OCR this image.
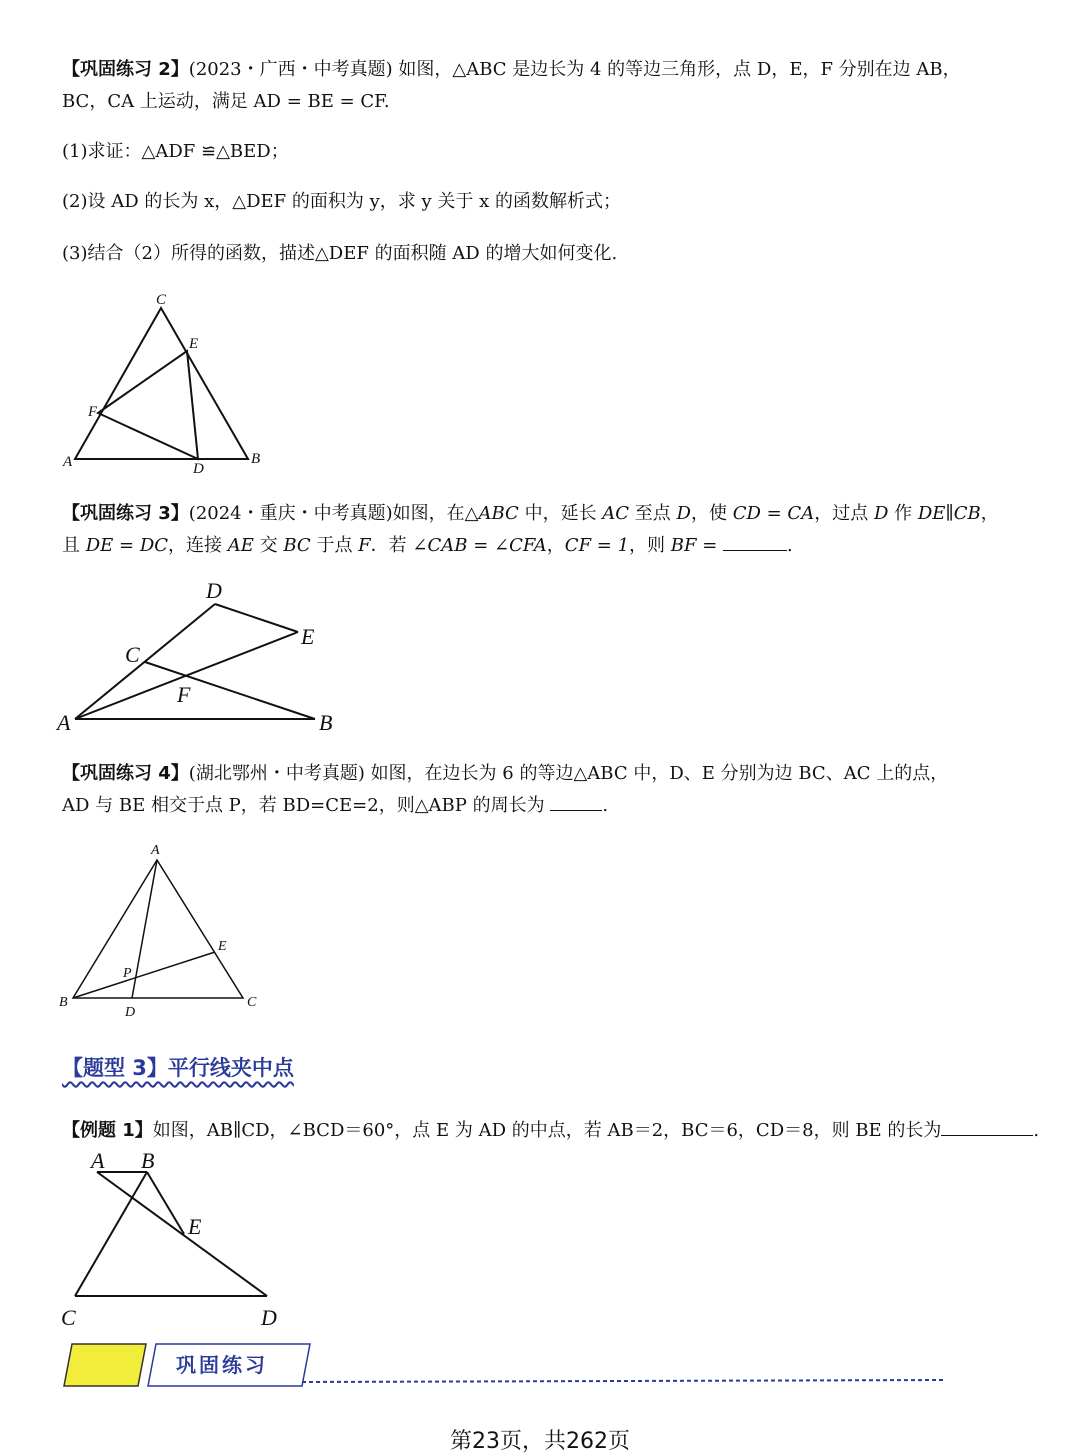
【巩固练习 2】(2023・广西・中考真题) 如图，△ABC 是边长为 4 的等边三角形，点 D，E，F 分别在边 AB，
BC，CA 上运动，满足 AD = BE = CF.
(1)求证：△ADF ≌△BED；
(2)设 AD 的长为 x，△DEF 的面积为 y，求 y 关于 x 的函数解析式；
(3)结合（2）所得的函数，描述△DEF 的面积随 AD 的增大如何变化.
A	B
C
D
E
F
【巩固练习 3】(2024・重庆・中考真题)如图，在△ABC 中，延长 AC 至点 D，使 CD = CA，过点 D 作 DE∥CB，
且 DE = DC，连接 AE 交 BC 于点 F．若 ∠CAB = ∠CFA，CF = 1，则 BF =	.
A	B
C
D
E
F
【巩固练习 4】(湖北鄂州・中考真题) 如图，在边长为 6 的等边△ABC 中，D、E 分别为边 BC、AC 上的点，
AD 与 BE 相交于点 P，若 BD=CE=2，则△ABP 的周长为	.
A
B	C
D
E
P
【题型 3】平行线夹中点
【例题 1】如图，AB∥CD，∠BCD＝60°，点 E 为 AD 的中点，若 AB＝2，BC＝6，CD＝8，则 BE 的长为	.
A B
C	D
E
巩固练习
第23页，共262页
